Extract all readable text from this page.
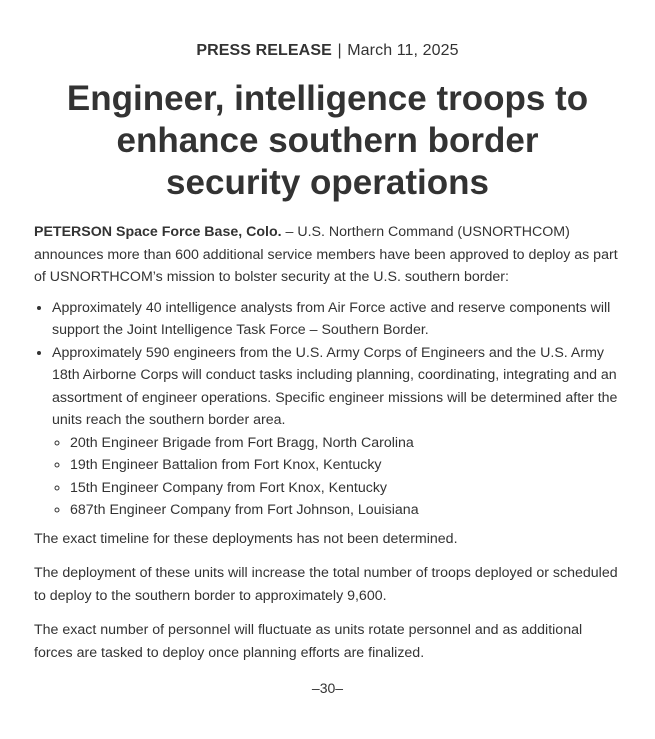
PRESS RELEASE | March 11, 2025
Engineer, intelligence troops to enhance southern border security operations

PETERSON Space Force Base, Colo. – U.S. Northern Command (USNORTHCOM) announces more than 600 additional service members have been approved to deploy as part of USNORTHCOM’s mission to bolster security at the U.S. southern border:

• Approximately 40 intelligence analysts from Air Force active and reserve components will support the Joint Intelligence Task Force – Southern Border.
• Approximately 590 engineers from the U.S. Army Corps of Engineers and the U.S. Army 18th Airborne Corps will conduct tasks including planning, coordinating, integrating and an assortment of engineer operations. Specific engineer missions will be determined after the units reach the southern border area.
◦ 20th Engineer Brigade from Fort Bragg, North Carolina
◦ 19th Engineer Battalion from Fort Knox, Kentucky
◦ 15th Engineer Company from Fort Knox, Kentucky
◦ 687th Engineer Company from Fort Johnson, Louisiana

The exact timeline for these deployments has not been determined.

The deployment of these units will increase the total number of troops deployed or scheduled to deploy to the southern border to approximately 9,600.

The exact number of personnel will fluctuate as units rotate personnel and as additional forces are tasked to deploy once planning efforts are finalized.

–30–
